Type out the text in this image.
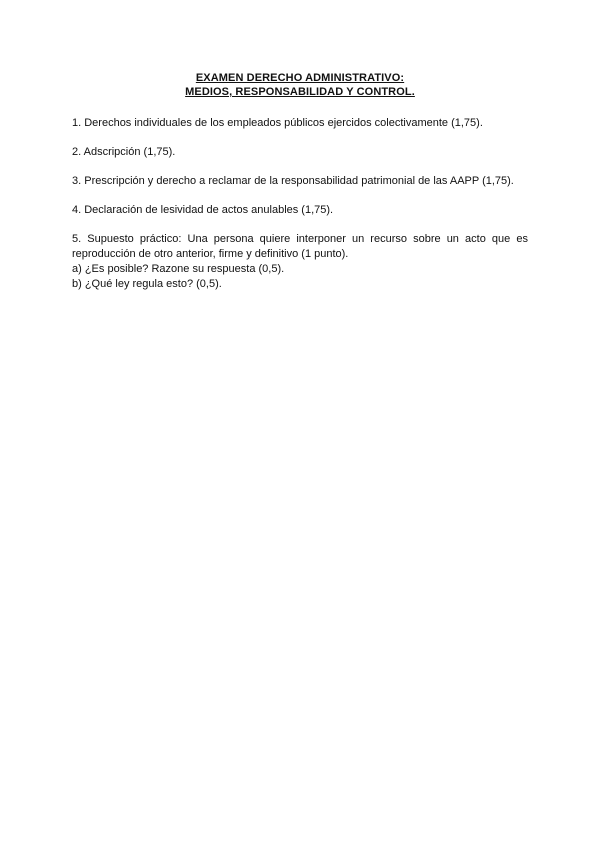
EXAMEN DERECHO ADMINISTRATIVO:
MEDIOS, RESPONSABILIDAD Y CONTROL.

1. Derechos individuales de los empleados públicos ejercidos colectivamente (1,75).

2. Adscripción (1,75).

3. Prescripción y derecho a reclamar de la responsabilidad patrimonial de las AAPP (1,75).

4. Declaración de lesividad de actos anulables (1,75).

5. Supuesto práctico: Una persona quiere interponer un recurso sobre un acto que es reproducción de otro anterior, firme y definitivo (1 punto).

a) ¿Es posible? Razone su respuesta (0,5).

b) ¿Qué ley regula esto? (0,5).
